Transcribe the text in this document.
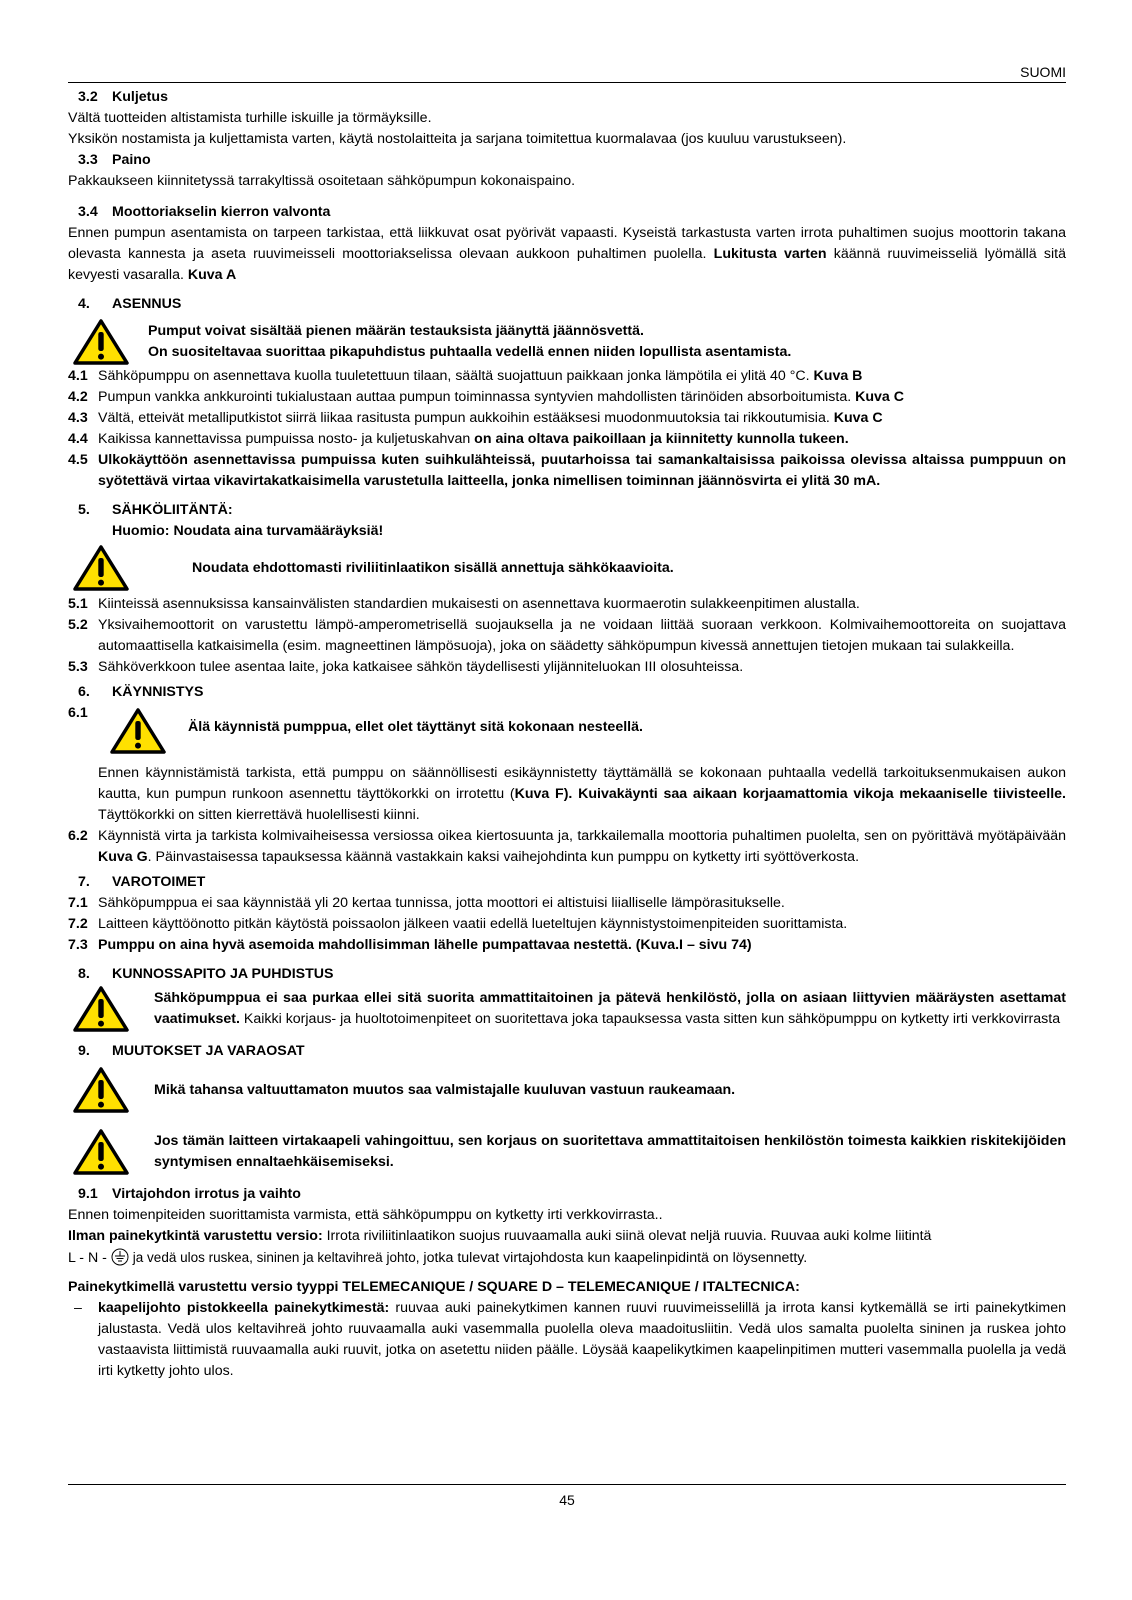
SUOMI

3.2 Kuljetus

Vältä tuotteiden altistamista turhille iskuille ja törmäyksille.

Yksikön nostamista ja kuljettamista varten, käytä nostolaitteita ja sarjana toimitettua kuormalavaa (jos kuuluu varustukseen).

3.3 Paino

Pakkaukseen kiinnitetyssä tarrakyltissä osoitetaan sähköpumpun kokonaispaino.

3.4 Moottoriakselin kierron valvonta

Ennen pumpun asentamista on tarpeen tarkistaa, että liikkuvat osat pyörivät vapaasti. Kyseistä tarkastusta varten irrota puhaltimen suojus moottorin takana olevasta kannesta ja aseta ruuvimeisseli moottoriakselissa olevaan aukkoon puhaltimen puolella. Lukitusta varten käännä ruuvimeisseliä lyömällä sitä kevyesti vasaralla. Kuva A

4. ASENNUS

Pumput voivat sisältää pienen määrän testauksista jäänyttä jäännösvettä.

On suositeltavaa suorittaa pikapuhdistus puhtaalla vedellä ennen niiden lopullista asentamista.

4.1 Sähköpumppu on asennettava kuolla tuuletettuun tilaan, säältä suojattuun paikkaan jonka lämpötila ei ylitä 40 °C. Kuva B
4.2 Pumpun vankka ankkurointi tukialustaan auttaa pumpun toiminnassa syntyvien mahdollisten tärinöiden absorboitumista. Kuva C
4.3 Vältä, etteivät metalliputkistot siirrä liikaa rasitusta pumpun aukkoihin estääksesi muodonmuutoksia tai rikkoutumisia. Kuva C
4.4 Kaikissa kannettavissa pumpuissa nosto- ja kuljetuskahvan on aina oltava paikoillaan ja kiinnitetty kunnolla tukeen.
4.5 Ulkokäyttöön asennettavissa pumpuissa kuten suihkulähteissä, puutarhoissa tai samankaltaisissa paikoissa olevissa altaissa pumppuun on syötettävä virtaa vikavirtakatkaisimella varustetulla laitteella, jonka nimellisen toiminnan jäännösvirta ei ylitä 30 mA.

5. SÄHKÖLIITÄNTÄ:

Huomio: Noudata aina turvamääräyksiä!

Noudata ehdottomasti riviliitinlaatikon sisällä annettuja sähkökaavioita.
5.1 Kiinteissä asennuksissa kansainvälisten standardien mukaisesti on asennettava kuormaerotin sulakkeenpitimen alustalla.
5.2 Yksivaihemoottorit on varustettu lämpö-amperometrisellä suojauksella ja ne voidaan liittää suoraan verkkoon. Kolmivaihemoottoreita on suojattava automaattisella katkaisimella (esim. magneettinen lämpösuoja), joka on säädetty sähköpumpun kivessä annettujen tietojen mukaan tai sulakkeilla.
5.3 Sähköverkkoon tulee asentaa laite, joka katkaisee sähkön täydellisesti ylijänniteluokan III olosuhteissa.

6. KÄYNNISTYS

6.1
Älä käynnistä pumppua, ellet olet täyttänyt sitä kokonaan nesteellä.
Ennen käynnistämistä tarkista, että pumppu on säännöllisesti esikäynnistetty täyttämällä se kokonaan puhtaalla vedellä tarkoituksenmukaisen aukon kautta, kun pumpun runkoon asennettu täyttökorkki on irrotettu (Kuva F). Kuivakäynti saa aikaan korjaamattomia vikoja mekaaniselle tiivisteelle. Täyttökorkki on sitten kierrettävä huolellisesti kiinni.
6.2 Käynnistä virta ja tarkista kolmivaiheisessa versiossa oikea kiertosuunta ja, tarkkailemalla moottoria puhaltimen puolelta, sen on pyörittävä myötäpäivään Kuva G. Päinvastaisessa tapauksessa käännä vastakkain kaksi vaihejohdinta kun pumppu on kytketty irti syöttöverkosta.

7. VAROTOIMET

7.1 Sähköpumppua ei saa käynnistää yli 20 kertaa tunnissa, jotta moottori ei altistuisi liialliselle lämpörasitukselle.
7.2 Laitteen käyttöönotto pitkän käytöstä poissaolon jälkeen vaatii edellä lueteltujen käynnistystoimenpiteiden suorittamista.
7.3 Pumppu on aina hyvä asemoida mahdollisimman lähelle pumpattavaa nestettä. (Kuva.I – sivu 74)

8. KUNNOSSAPITO JA PUHDISTUS

Sähköpumppua ei saa purkaa ellei sitä suorita ammattitaitoinen ja pätevä henkilöstö, jolla on asiaan liittyvien määräysten asettamat vaatimukset. Kaikki korjaus- ja huoltotoimenpiteet on suoritettava joka tapauksessa vasta sitten kun sähköpumppu on kytketty irti verkkovirrasta

9. MUUTOKSET JA VARAOSAT

Mikä tahansa valtuuttamaton muutos saa valmistajalle kuuluvan vastuun raukeamaan.
Jos tämän laitteen virtakaapeli vahingoittuu, sen korjaus on suoritettava ammattitaitoisen henkilöstön toimesta kaikkien riskitekijöiden syntymisen ennaltaehkäisemiseksi.

9.1 Virtajohdon irrotus ja vaihto

Ennen toimenpiteiden suorittamista varmista, että sähköpumppu on kytketty irti verkkovirrasta..

Ilman painekytkintä varustettu versio: Irrota riviliitinlaatikon suojus ruuvaamalla auki siinä olevat neljä ruuvia. Ruuvaa auki kolme liitintä

L - N - ja vedä ulos ruskea, sininen ja keltavihreä johto, jotka tulevat virtajohdosta kun kaapelinpidintä on löysennetty.

Painekytkimellä varustettu versio tyyppi TELEMECANIQUE / SQUARE D – TELEMECANIQUE / ITALTECNICA:

–	kaapelijohto pistokkeella painekytkimestä: ruuvaa auki painekytkimen kannen ruuvi ruuvimeisselillä ja irrota kansi kytkemällä se irti painekytkimen jalustasta. Vedä ulos keltavihreä johto ruuvaamalla auki vasemmalla puolella oleva maadoitusliitin. Vedä ulos samalta puolelta sininen ja ruskea johto vastaavista liittimistä ruuvaamalla auki ruuvit, jotka on asetettu niiden päälle. Löysää kaapelikytkimen kaapelinpitimen mutteri vasemmalla puolella ja vedä irti kytketty johto ulos.
45
